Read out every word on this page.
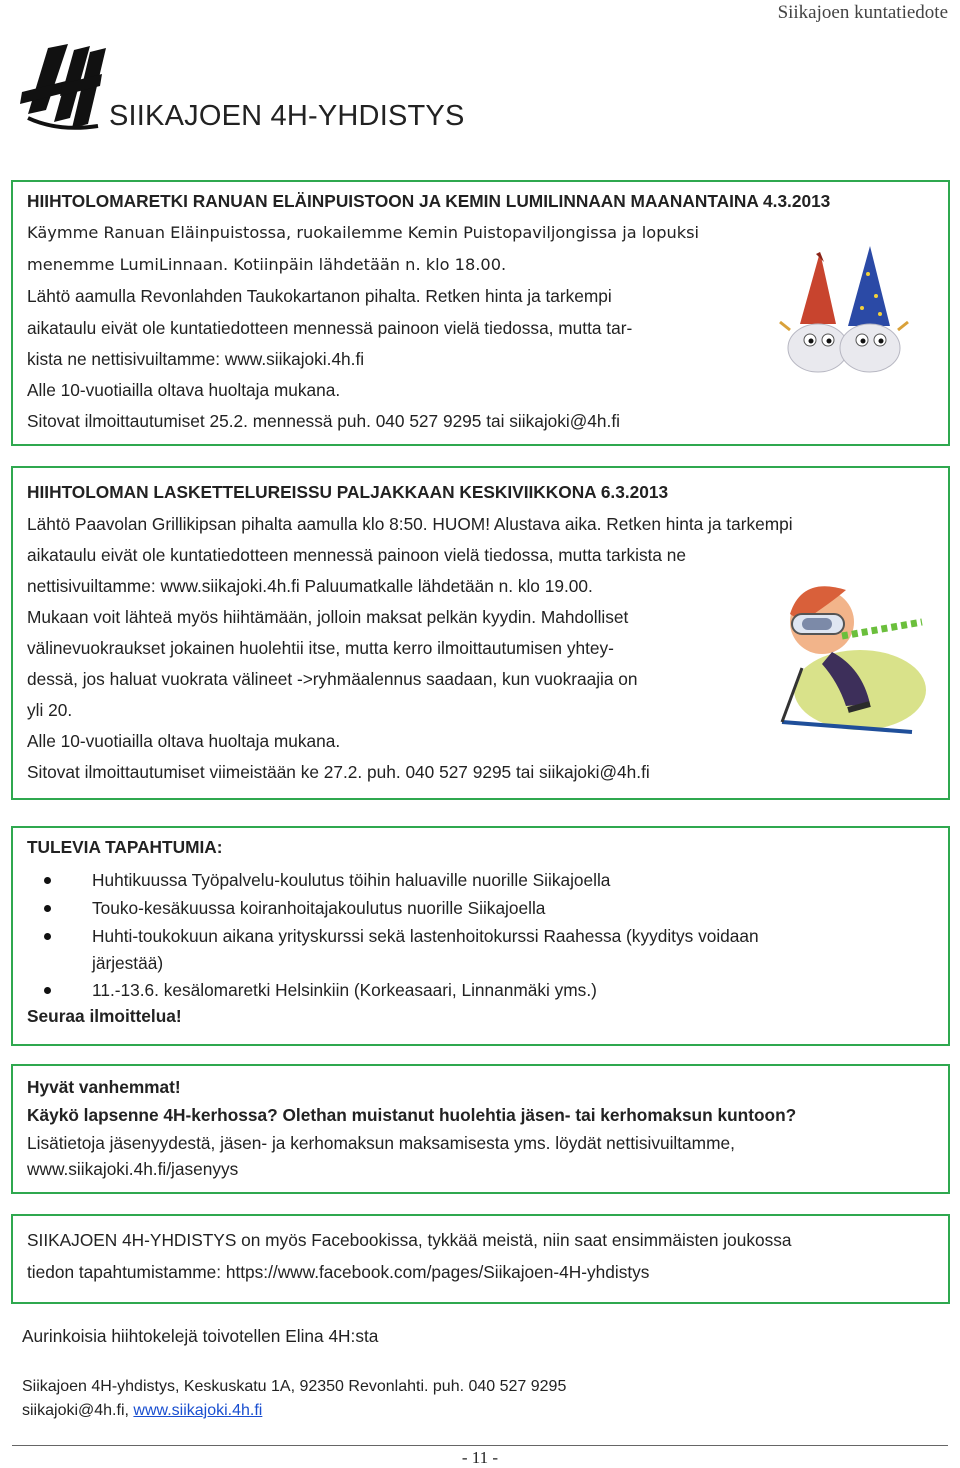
Siikajoen kuntatiedote
SIIKAJOEN 4H-YHDISTYS
HIIHTOLOMARETKI RANUAN ELÄINPUISTOON JA KEMIN LUMILINNAAN MAANANTAINA 4.3.2013
Käymme Ranuan Eläinpuistossa, ruokailemme Kemin Puistopaviljongissa ja lopuksi
menemme LumiLinnaan. Kotiinpäin lähdetään n. klo 18.00.
Lähtö aamulla Revonlahden Taukokartanon pihalta. Retken hinta ja tarkempi
aikataulu eivät ole kuntatiedotteen mennessä painoon vielä tiedossa, mutta tar-
kista ne nettisivuiltamme: www.siikajoki.4h.fi
Alle 10-vuotiailla oltava huoltaja mukana.
Sitovat ilmoittautumiset 25.2. mennessä puh. 040 527 9295 tai siikajoki@4h.fi
HIIHTOLOMAN LASKETTELUREISSU PALJAKKAAN KESKIVIIKKONA 6.3.2013
Lähtö Paavolan Grillikipsan pihalta aamulla klo 8:50. HUOM! Alustava aika. Retken hinta ja tarkempi
aikataulu eivät ole kuntatiedotteen mennessä painoon vielä tiedossa, mutta tarkista ne
nettisivuiltamme: www.siikajoki.4h.fi Paluumatkalle lähdetään n. klo 19.00.
Mukaan voit lähteä myös hiihtämään, jolloin maksat pelkän kyydin. Mahdolliset
välinevuokraukset jokainen huolehtii itse, mutta kerro ilmoittautumisen yhtey-
dessä, jos haluat vuokrata välineet ->ryhmäalennus saadaan, kun vuokraajia on
yli 20.
Alle 10-vuotiailla oltava huoltaja mukana.
Sitovat ilmoittautumiset viimeistään ke 27.2. puh. 040 527 9295 tai siikajoki@4h.fi
TULEVIA TAPAHTUMIA:
Huhtikuussa Työpalvelu-koulutus töihin haluaville nuorille Siikajoella
Touko-kesäkuussa koiranhoitajakoulutus nuorille Siikajoella
Huhti-toukokuun aikana yrityskurssi sekä lastenhoitokurssi Raahessa (kyyditys voidaan
järjestää)
11.-13.6. kesälomaretki Helsinkiin (Korkeasaari, Linnanmäki yms.)
Seuraa ilmoittelua!
Hyvät vanhemmat!
Käykö lapsenne 4H-kerhossa? Olethan muistanut huolehtia jäsen- tai kerhomaksun kuntoon?
Lisätietoja jäsenyydestä, jäsen- ja kerhomaksun maksamisesta yms. löydät nettisivuiltamme,
www.siikajoki.4h.fi/jasenyys
SIIKAJOEN 4H-YHDISTYS on myös Facebookissa, tykkää meistä, niin saat ensimmäisten joukossa
tiedon tapahtumistamme: https://www.facebook.com/pages/Siikajoen-4H-yhdistys
Aurinkoisia hiihtokelejä toivotellen Elina 4H:sta
Siikajoen 4H-yhdistys, Keskuskatu 1A, 92350 Revonlahti. puh. 040 527 9295
siikajoki@4h.fi, www.siikajoki.4h.fi
- 11 -
